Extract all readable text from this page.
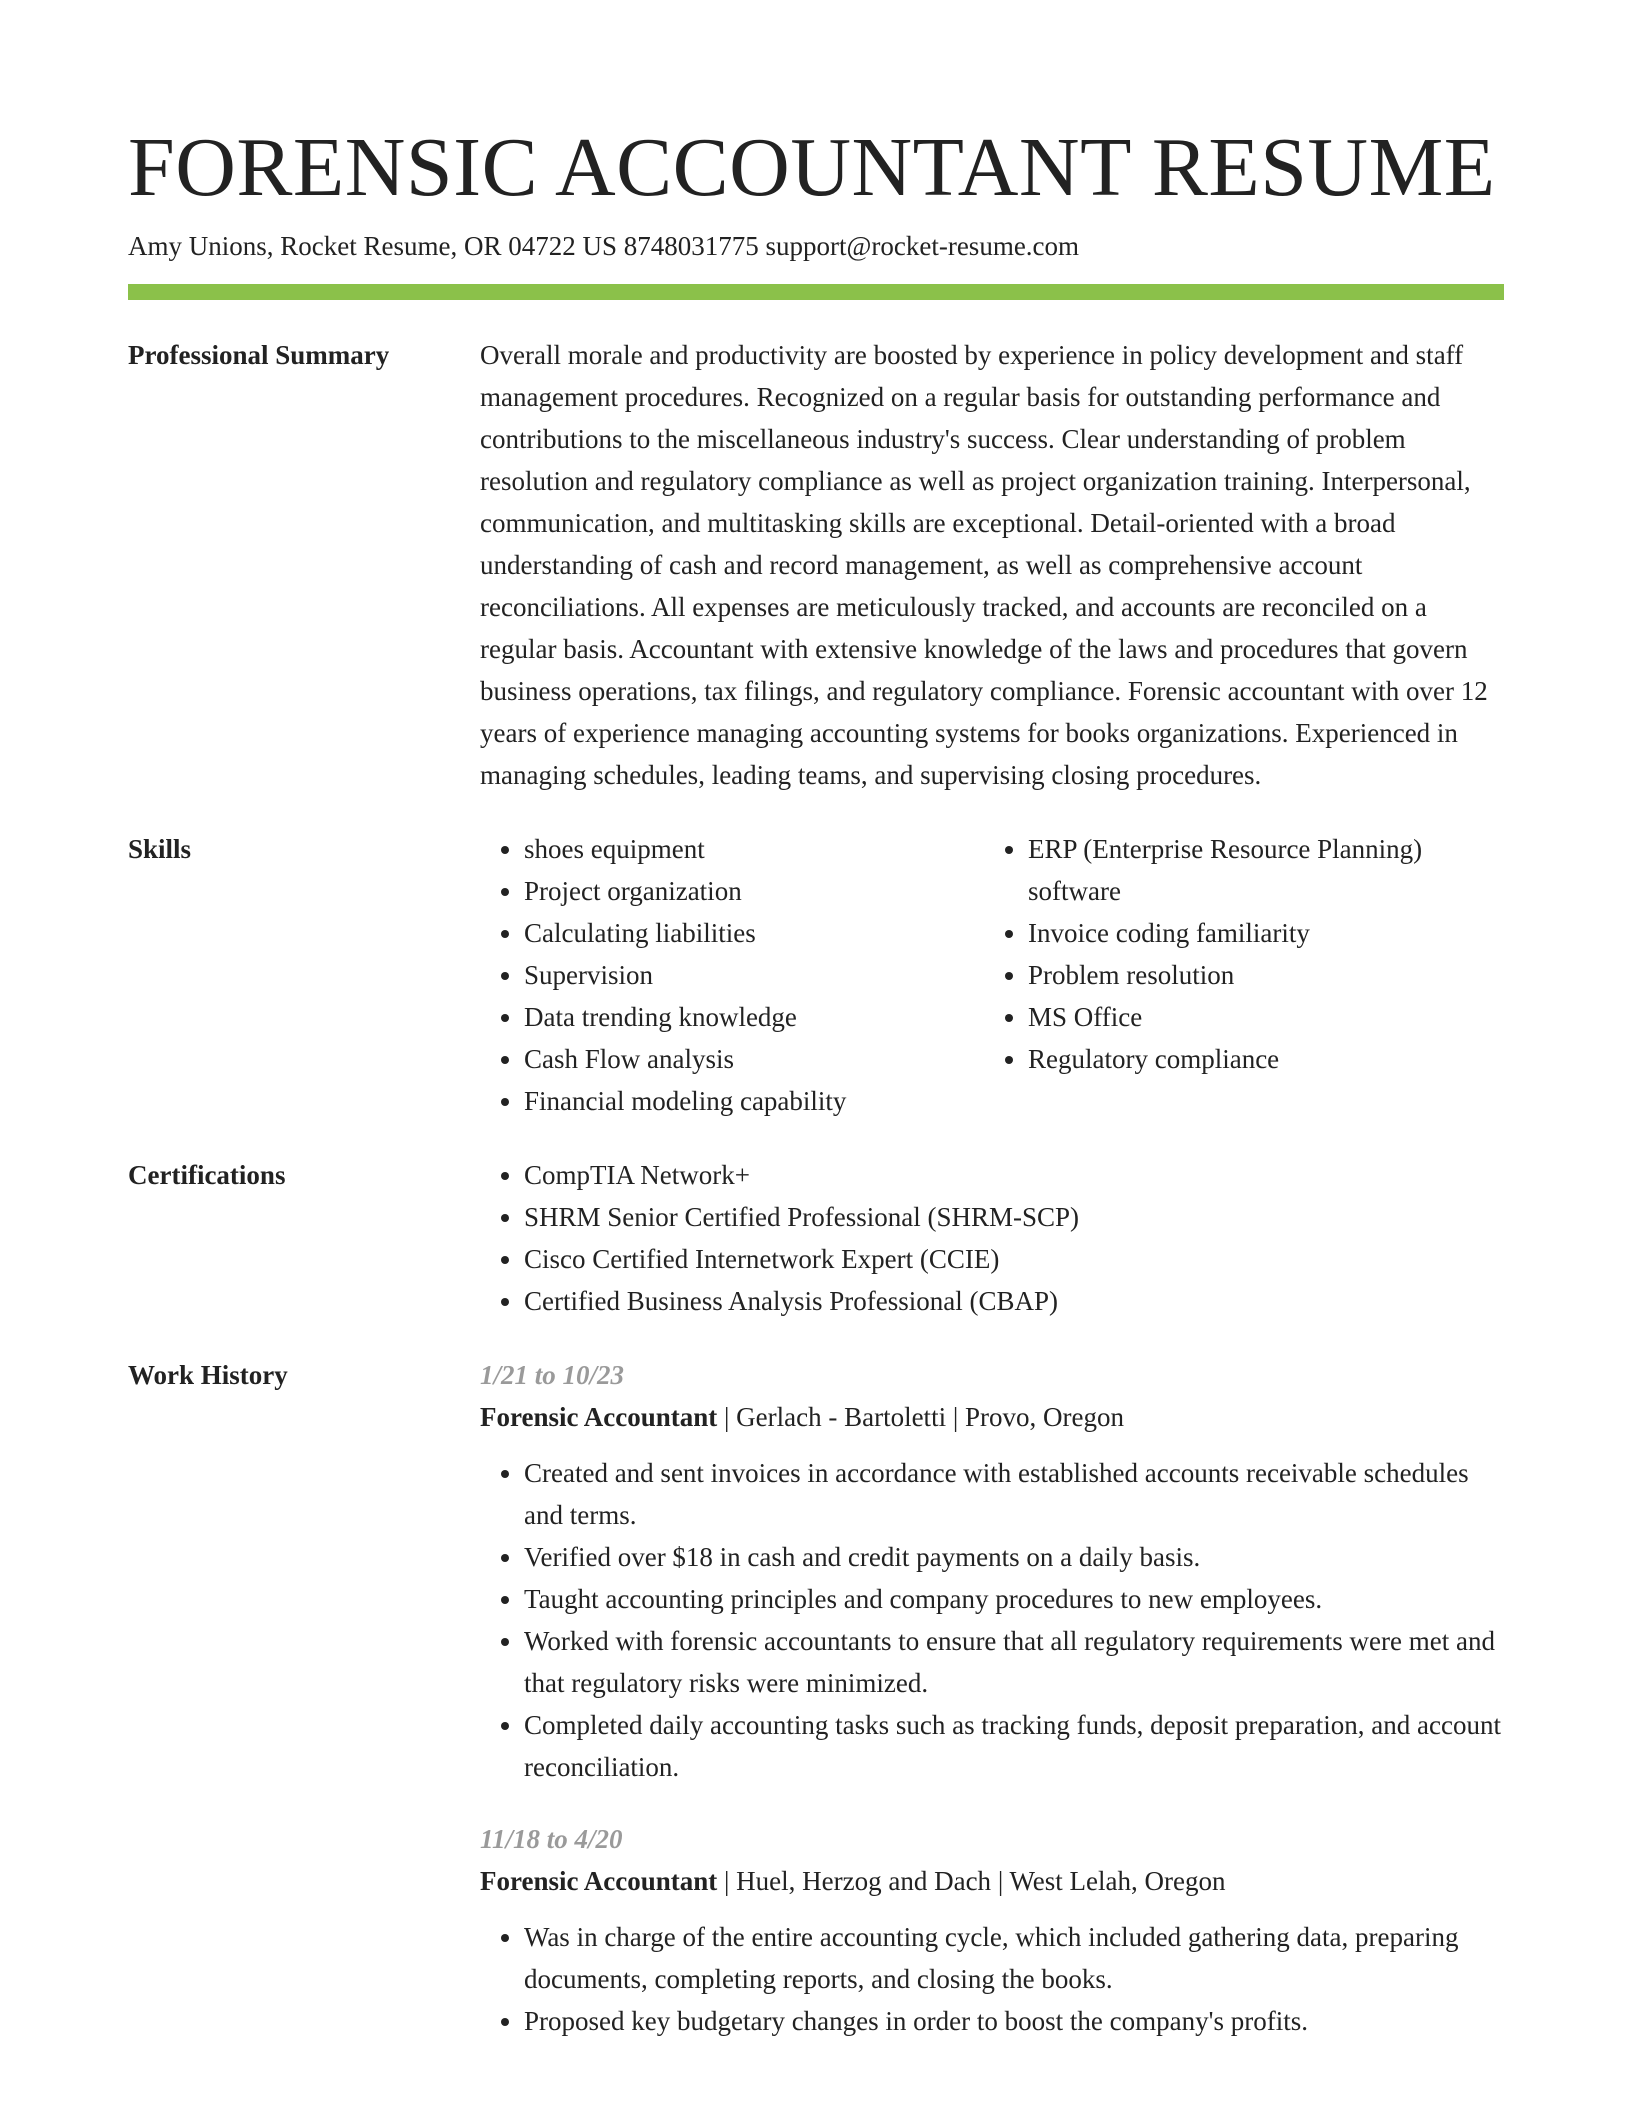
FORENSIC ACCOUNTANT RESUME
Amy Unions, Rocket Resume, OR 04722 US 8748031775 support@rocket-resume.com
Professional Summary	Overall morale and productivity are boosted by experience in policy development and staff management procedures. Recognized on a regular basis for outstanding performance and contributions to the miscellaneous industry's success. Clear understanding of problem resolution and regulatory compliance as well as project organization training. Interpersonal, communication, and multitasking skills are exceptional. Detail-oriented with a broad understanding of cash and record management, as well as comprehensive account reconciliations. All expenses are meticulously tracked, and accounts are reconciled on a regular basis. Accountant with extensive knowledge of the laws and procedures that govern business operations, tax filings, and regulatory compliance. Forensic accountant with over 12 years of experience managing accounting systems for books organizations. Experienced in managing schedules, leading teams, and supervising closing procedures.

Skills	• shoes equipment
• Project organization
• Calculating liabilities
• Supervision
• Data trending knowledge
• Cash Flow analysis
• Financial modeling capability
• ERP (Enterprise Resource Planning) software
• Invoice coding familiarity
• Problem resolution
• MS Office
• Regulatory compliance
Certifications	• CompTIA Network+
• SHRM Senior Certified Professional (SHRM-SCP)
• Cisco Certified Internetwork Expert (CCIE)
• Certified Business Analysis Professional (CBAP)
Work History	1/21 to 10/23
Forensic Accountant | Gerlach - Bartoletti | Provo, Oregon
• Created and sent invoices in accordance with established accounts receivable schedules and terms.
• Verified over $18 in cash and credit payments on a daily basis.
• Taught accounting principles and company procedures to new employees.
• Worked with forensic accountants to ensure that all regulatory requirements were met and that regulatory risks were minimized.
• Completed daily accounting tasks such as tracking funds, deposit preparation, and account reconciliation.
11/18 to 4/20
Forensic Accountant | Huel, Herzog and Dach | West Lelah, Oregon
• Was in charge of the entire accounting cycle, which included gathering data, preparing documents, completing reports, and closing the books.
• Proposed key budgetary changes in order to boost the company's profits.
